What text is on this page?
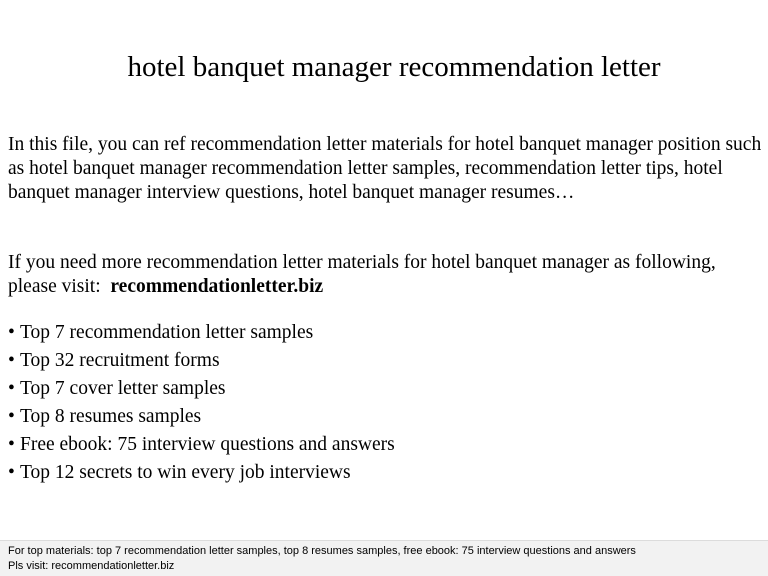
hotel banquet manager recommendation letter

In this file, you can ref recommendation letter materials for hotel banquet manager position such as hotel banquet manager recommendation letter samples, recommendation letter tips, hotel banquet manager interview questions, hotel banquet manager resumes…

If you need more recommendation letter materials for hotel banquet manager as following, please visit: recommendationletter.biz

• Top 7 recommendation letter samples
• Top 32 recruitment forms
• Top 7 cover letter samples
• Top 8 resumes samples
• Free ebook: 75 interview questions and answers
• Top 12 secrets to win every job interviews
For top materials: top 7 recommendation letter samples, top 8 resumes samples, free ebook: 75 interview questions and answers
Pls visit: recommendationletter.biz
